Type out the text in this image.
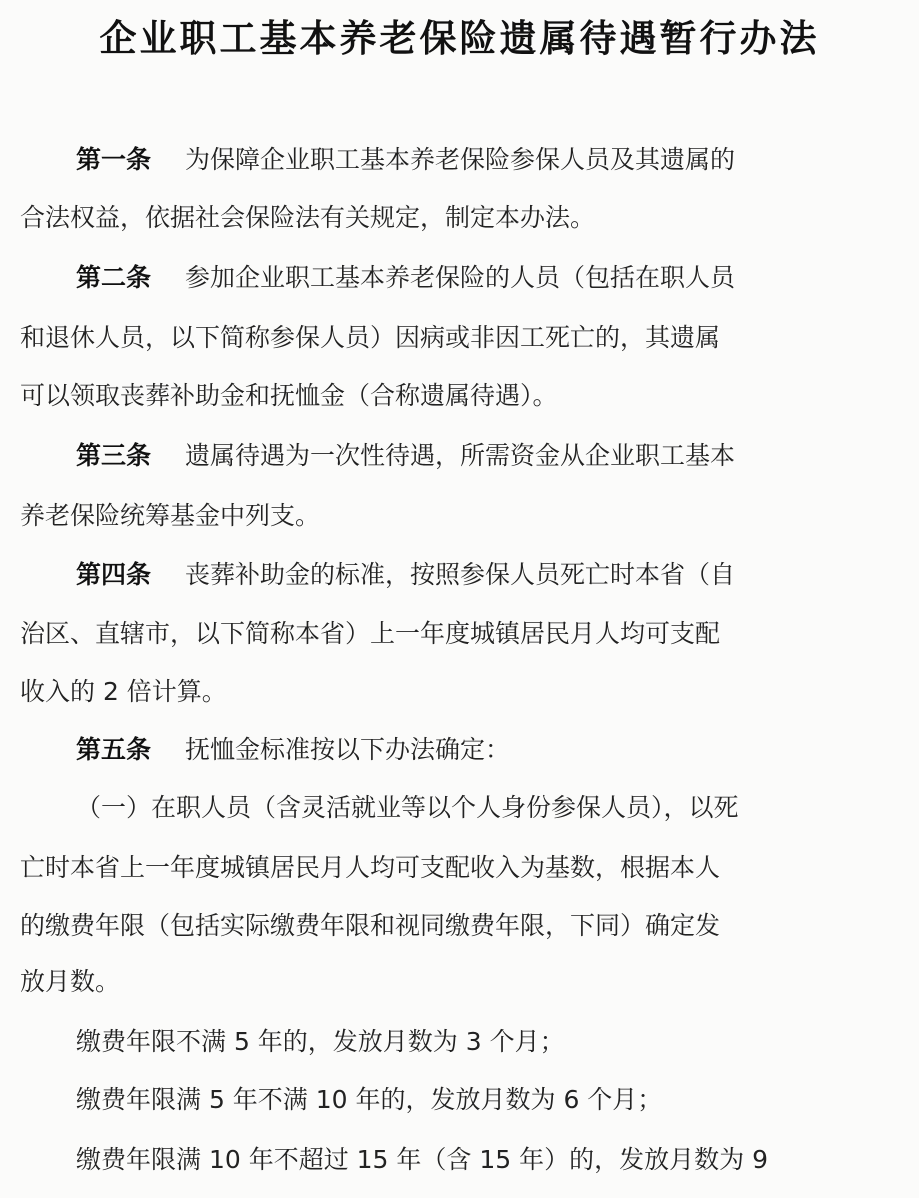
企业职工基本养老保险遗属待遇暂行办法
第一条 为保障企业职工基本养老保险参保人员及其遗属的
合法权益，依据社会保险法有关规定，制定本办法。
第二条 参加企业职工基本养老保险的人员（包括在职人员
和退休人员，以下简称参保人员）因病或非因工死亡的，其遗属
可以领取丧葬补助金和抚恤金（合称遗属待遇）。
第三条 遗属待遇为一次性待遇，所需资金从企业职工基本
养老保险统筹基金中列支。
第四条 丧葬补助金的标准，按照参保人员死亡时本省（自
治区、直辖市，以下简称本省）上一年度城镇居民月人均可支配
收入的 2 倍计算。
第五条 抚恤金标准按以下办法确定：
（一）在职人员（含灵活就业等以个人身份参保人员），以死
亡时本省上一年度城镇居民月人均可支配收入为基数，根据本人
的缴费年限（包括实际缴费年限和视同缴费年限，下同）确定发
放月数。
缴费年限不满 5 年的，发放月数为 3 个月；
缴费年限满 5 年不满 10 年的，发放月数为 6 个月；
缴费年限满 10 年不超过 15 年（含 15 年）的，发放月数为 9
